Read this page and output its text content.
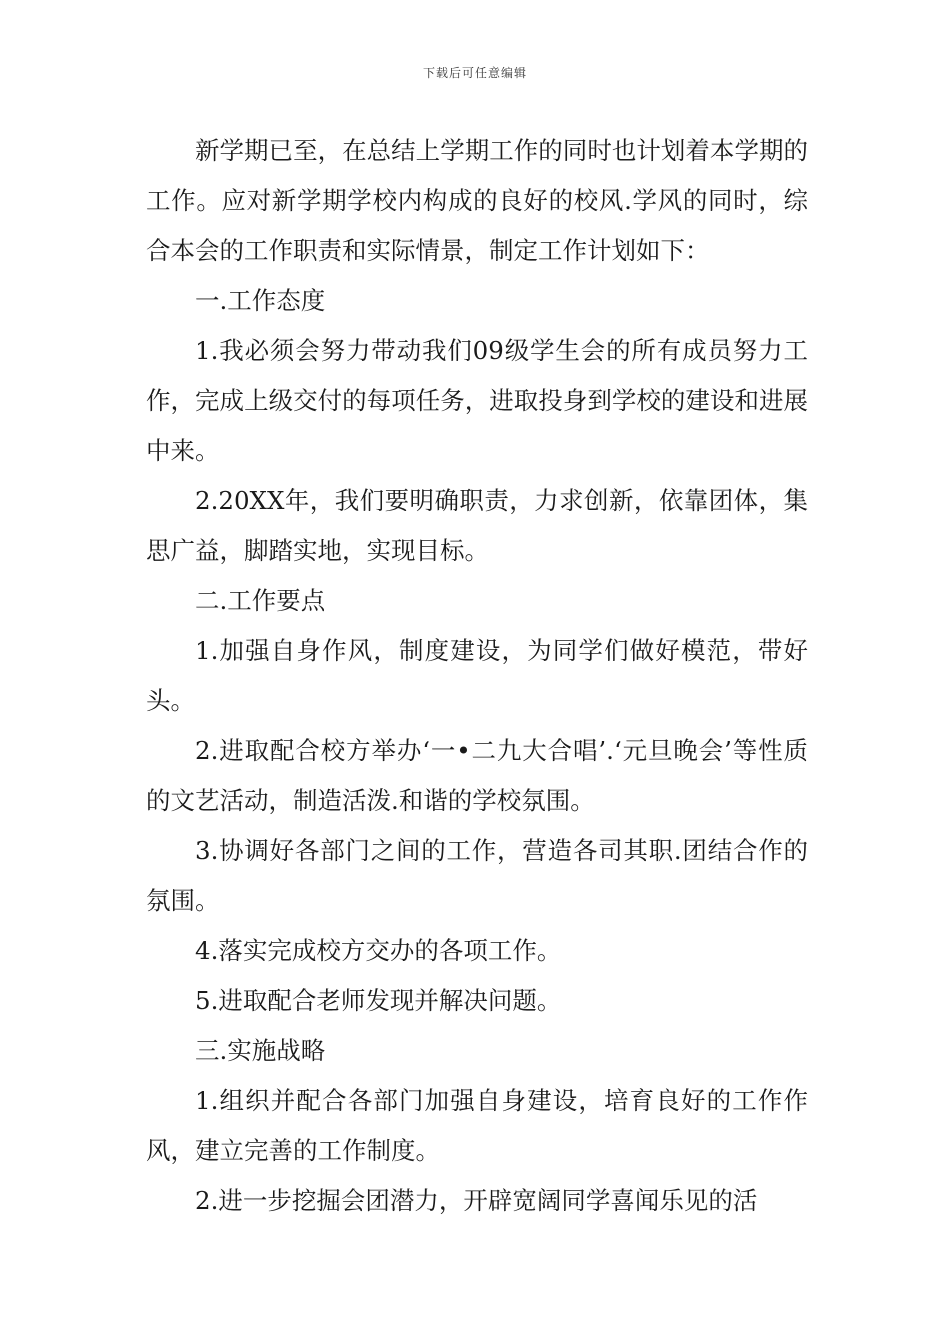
下载后可任意编辑

新学期已至，在总结上学期工作的同时也计划着本学期的工作。应对新学期学校内构成的良好的校风.学风的同时，综合本会的工作职责和实际情景，制定工作计划如下：

一.工作态度

1.我必须会努力带动我们09级学生会的所有成员努力工作，完成上级交付的每项任务，进取投身到学校的建设和进展中来。

2.20XX年，我们要明确职责，力求创新，依靠团体，集思广益，脚踏实地，实现目标。

二.工作要点

1.加强自身作风，制度建设，为同学们做好模范，带好头。

2.进取配合校方举办‘一•二九大合唱’.‘元旦晚会’等性质的文艺活动，制造活泼.和谐的学校氛围。

3.协调好各部门之间的工作，营造各司其职.团结合作的氛围。

4.落实完成校方交办的各项工作。

5.进取配合老师发现并解决问题。

三.实施战略

1.组织并配合各部门加强自身建设，培育良好的工作作风，建立完善的工作制度。

2.进一步挖掘会团潜力，开辟宽阔同学喜闻乐见的活
